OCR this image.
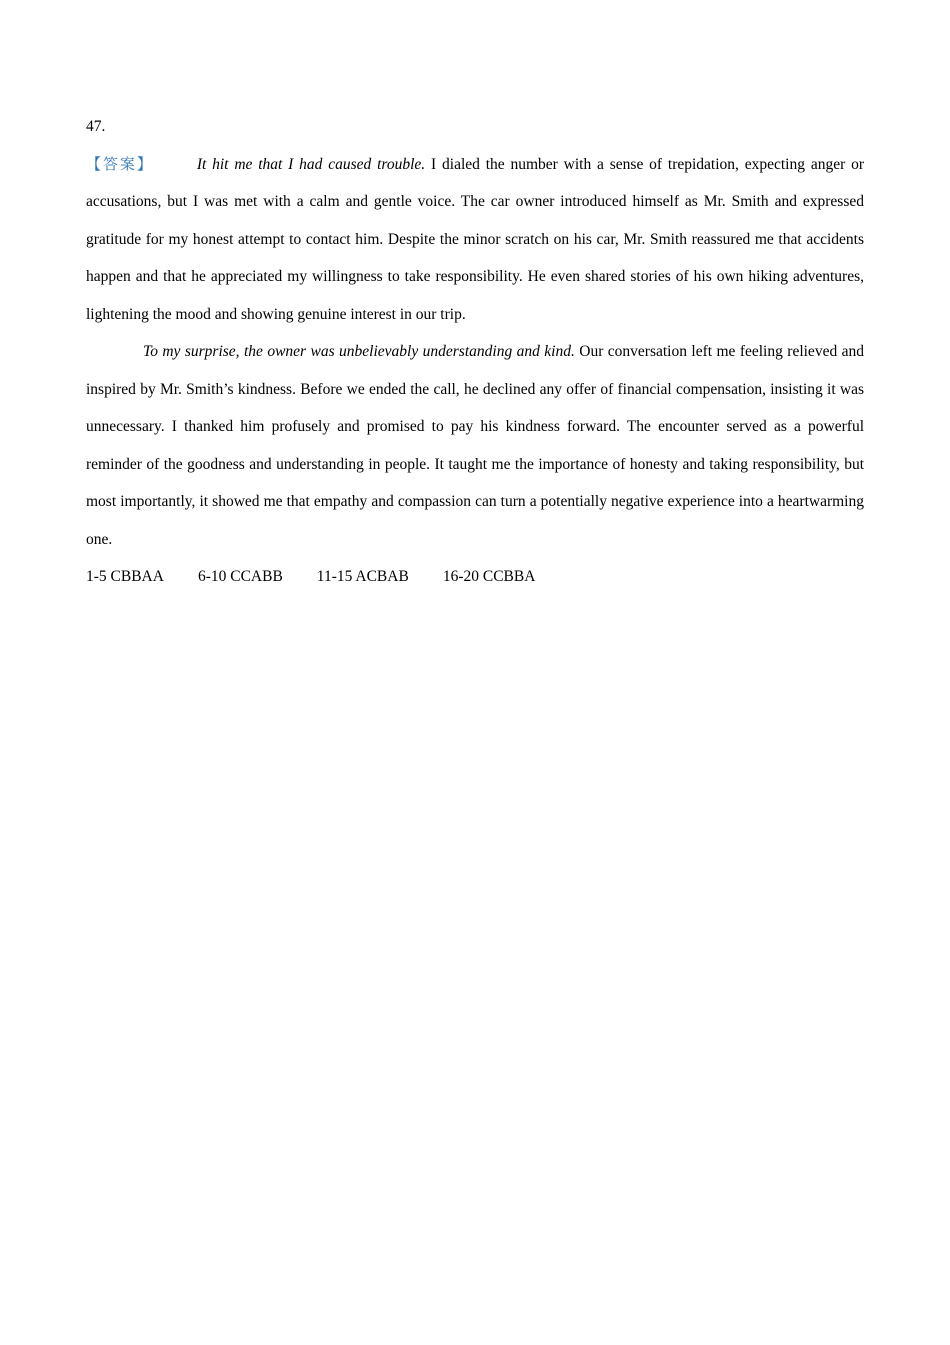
47.

【答案】	It hit me that I had caused trouble. I dialed the number with a sense of trepidation, expecting anger or accusations, but I was met with a calm and gentle voice. The car owner introduced himself as Mr. Smith and expressed gratitude for my honest attempt to contact him. Despite the minor scratch on his car, Mr. Smith reassured me that accidents happen and that he appreciated my willingness to take responsibility. He even shared stories of his own hiking adventures, lightening the mood and showing genuine interest in our trip.

To my surprise, the owner was unbelievably understanding and kind. Our conversation left me feeling relieved and inspired by Mr. Smith’s kindness. Before we ended the call, he declined any offer of financial compensation, insisting it was unnecessary. I thanked him profusely and promised to pay his kindness forward. The encounter served as a powerful reminder of the goodness and understanding in people. It taught me the importance of honesty and taking responsibility, but most importantly, it showed me that empathy and compassion can turn a potentially negative experience into a heartwarming one.

1-5 CBBAA 6-10 CCABB 11-15 ACBAB 16-20 CCBBA
